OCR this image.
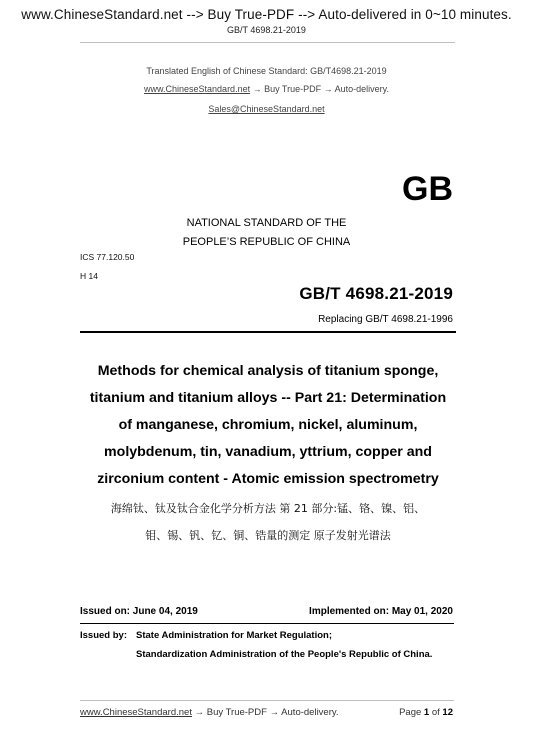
www.ChineseStandard.net --> Buy True-PDF --> Auto-delivered in 0~10 minutes.
GB/T 4698.21-2019
Translated English of Chinese Standard: GB/T4698.21-2019
www.ChineseStandard.net → Buy True-PDF → Auto-delivery.
Sales@ChineseStandard.net
GB
NATIONAL STANDARD OF THE
PEOPLE’S REPUBLIC OF CHINA
ICS 77.120.50
H 14
GB/T 4698.21-2019
Replacing GB/T 4698.21-1996
Methods for chemical analysis of titanium sponge,
titanium and titanium alloys -- Part 21: Determination
of manganese, chromium, nickel, aluminum,
molybdenum, tin, vanadium, yttrium, copper and
zirconium content - Atomic emission spectrometry
海绵钛、钛及钛合金化学分析方法 第 21 部分:锰、铬、镍、铝、
钼、锡、钒、钇、铜、锆量的测定 原子发射光谱法
Issued on: June 04, 2019	Implemented on: May 01, 2020
Issued by: State Administration for Market Regulation;
Standardization Administration of the People's Republic of China.
www.ChineseStandard.net → Buy True-PDF → Auto-delivery.	Page 1 of 12
